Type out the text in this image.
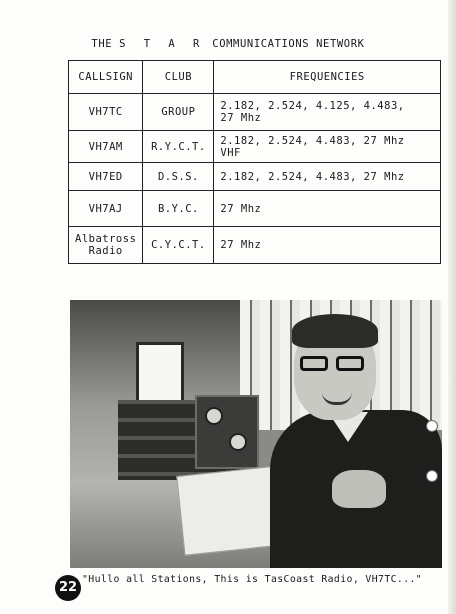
THE S T A R COMMUNICATIONS NETWORK
CALLSIGN	CLUB	FREQUENCIES
VH7TC	GROUP	2.182, 2.524, 4.125, 4.483,
27 Mhz

VH7AM	R.Y.C.T.	2.182, 2.524, 4.483, 27 Mhz
VHF

VH7ED	D.S.S.	2.182, 2.524, 4.483, 27 Mhz

VH7AJ	B.Y.C.	27 Mhz

Albatross
Radio	C.Y.C.T.	27 Mhz
22
"Hullo all Stations, This is TasCoast Radio, VH7TC..."
